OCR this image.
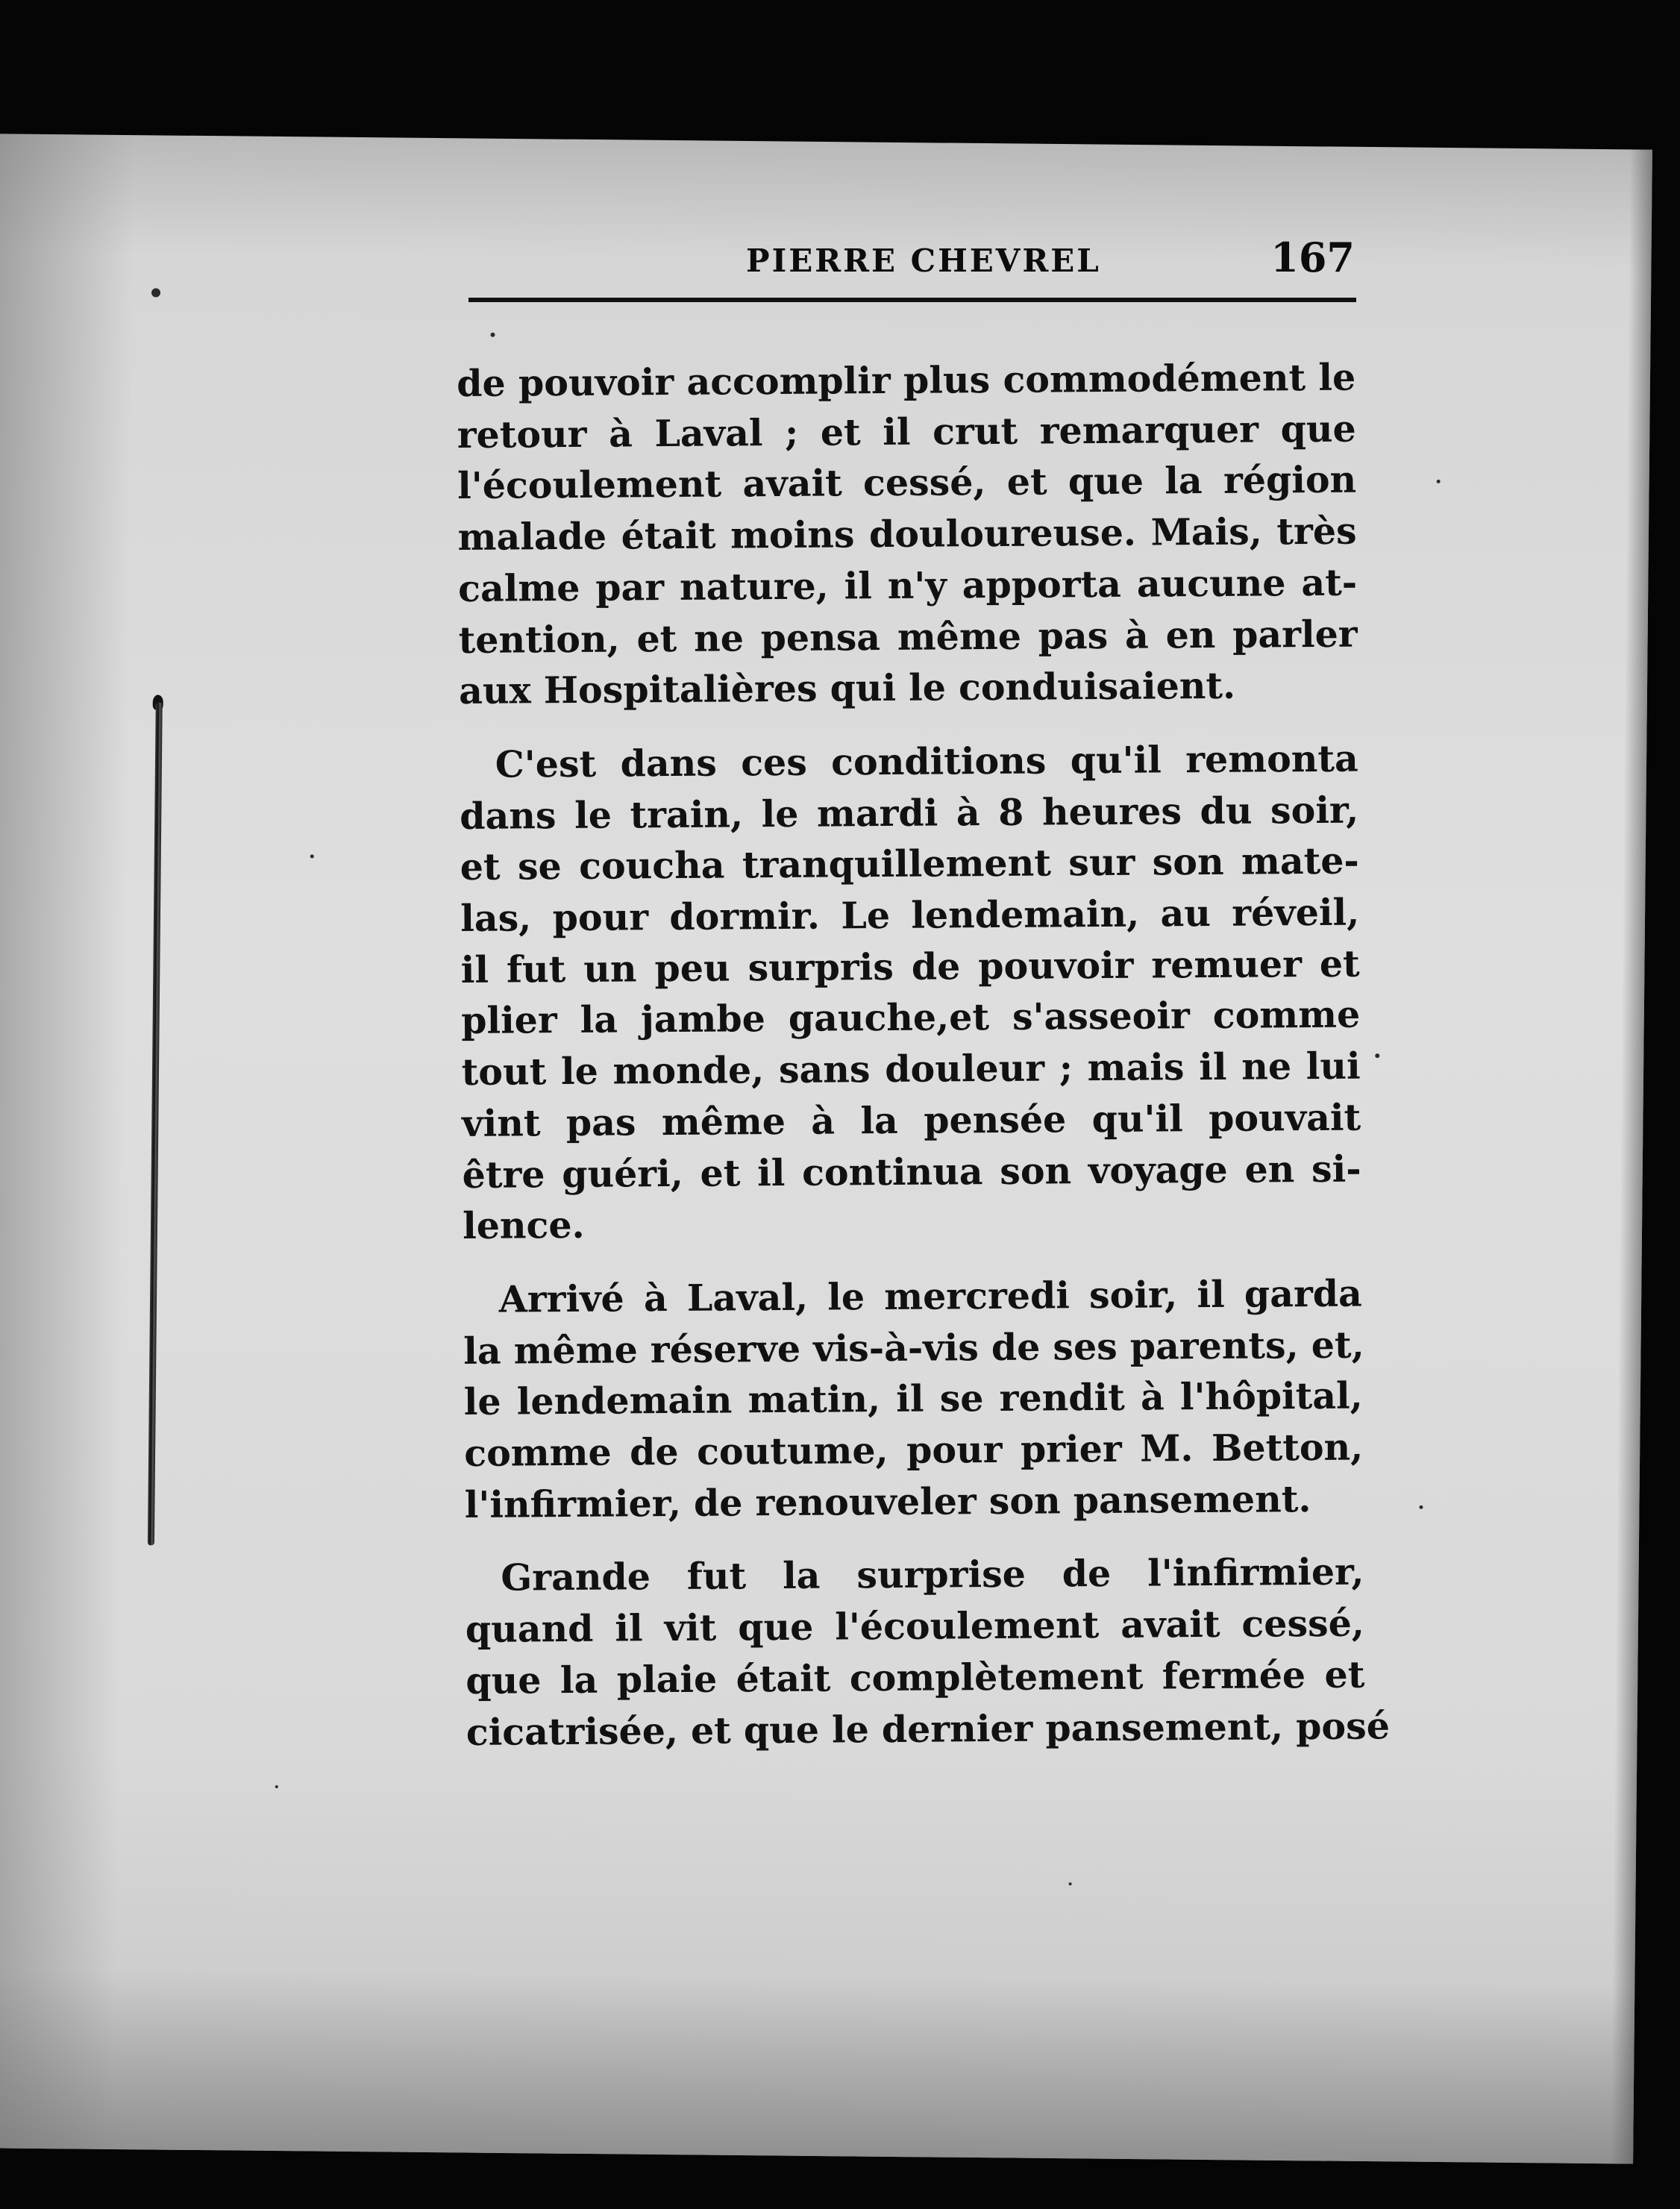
PIERRE CHEVREL	167
de pouvoir accomplir plus commodément le
retour à Laval ; et il crut remarquer que
l'écoulement avait cessé, et que la région
malade était moins douloureuse. Mais, très
calme par nature, il n'y apporta aucune at-
tention, et ne pensa même pas à en parler
aux Hospitalières qui le conduisaient.
C'est dans ces conditions qu'il remonta
dans le train, le mardi à 8 heures du soir,
et se coucha tranquillement sur son mate-
las, pour dormir. Le lendemain, au réveil,
il fut un peu surpris de pouvoir remuer et
plier la jambe gauche,et s'asseoir comme
tout le monde, sans douleur ; mais il ne lui
vint pas même à la pensée qu'il pouvait
être guéri, et il continua son voyage en si-
lence.
Arrivé à Laval, le mercredi soir, il garda
la même réserve vis-à-vis de ses parents, et,
le lendemain matin, il se rendit à l'hôpital,
comme de coutume, pour prier M. Betton,
l'infirmier, de renouveler son pansement.
Grande fut la surprise de l'infirmier,
quand il vit que l'écoulement avait cessé,
que la plaie était complètement fermée et
cicatrisée, et que le dernier pansement, posé
